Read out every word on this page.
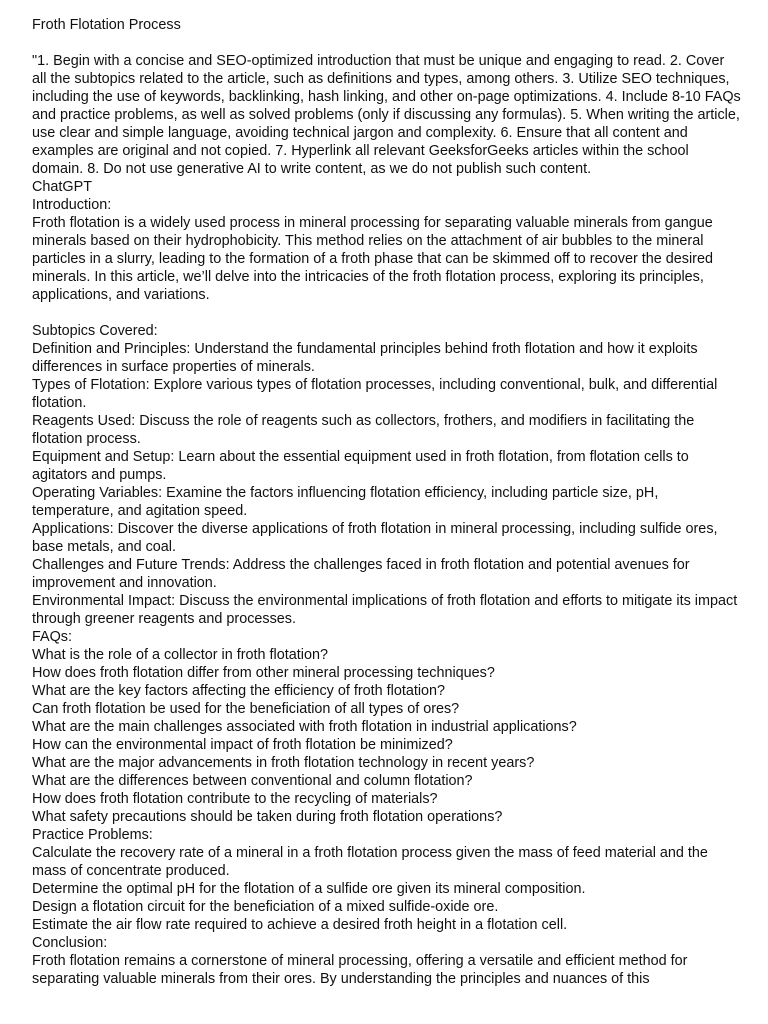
Froth Flotation Process

"1. Begin with a concise and SEO-optimized introduction that must be unique and engaging to read. 2. Cover all the subtopics related to the article, such as definitions and types, among others. 3. Utilize SEO techniques, including the use of keywords, backlinking, hash linking, and other on-page optimizations. 4. Include 8-10 FAQs and practice problems, as well as solved problems (only if discussing any formulas). 5. When writing the article, use clear and simple language, avoiding technical jargon and complexity. 6. Ensure that all content and examples are original and not copied. 7. Hyperlink all relevant GeeksforGeeks articles within the school domain. 8. Do not use generative AI to write content, as we do not publish such content.

ChatGPT

Introduction:

Froth flotation is a widely used process in mineral processing for separating valuable minerals from gangue minerals based on their hydrophobicity. This method relies on the attachment of air bubbles to the mineral particles in a slurry, leading to the formation of a froth phase that can be skimmed off to recover the desired minerals. In this article, we’ll delve into the intricacies of the froth flotation process, exploring its principles, applications, and variations.

Subtopics Covered:

Definition and Principles: Understand the fundamental principles behind froth flotation and how it exploits differences in surface properties of minerals.

Types of Flotation: Explore various types of flotation processes, including conventional, bulk, and differential flotation.

Reagents Used: Discuss the role of reagents such as collectors, frothers, and modifiers in facilitating the flotation process.

Equipment and Setup: Learn about the essential equipment used in froth flotation, from flotation cells to agitators and pumps.

Operating Variables: Examine the factors influencing flotation efficiency, including particle size, pH, temperature, and agitation speed.

Applications: Discover the diverse applications of froth flotation in mineral processing, including sulfide ores, base metals, and coal.

Challenges and Future Trends: Address the challenges faced in froth flotation and potential avenues for improvement and innovation.

Environmental Impact: Discuss the environmental implications of froth flotation and efforts to mitigate its impact through greener reagents and processes.

FAQs:

What is the role of a collector in froth flotation?

How does froth flotation differ from other mineral processing techniques?

What are the key factors affecting the efficiency of froth flotation?

Can froth flotation be used for the beneficiation of all types of ores?

What are the main challenges associated with froth flotation in industrial applications?

How can the environmental impact of froth flotation be minimized?

What are the major advancements in froth flotation technology in recent years?

What are the differences between conventional and column flotation?

How does froth flotation contribute to the recycling of materials?

What safety precautions should be taken during froth flotation operations?

Practice Problems:

Calculate the recovery rate of a mineral in a froth flotation process given the mass of feed material and the mass of concentrate produced.

Determine the optimal pH for the flotation of a sulfide ore given its mineral composition.

Design a flotation circuit for the beneficiation of a mixed sulfide-oxide ore.

Estimate the air flow rate required to achieve a desired froth height in a flotation cell.

Conclusion:

Froth flotation remains a cornerstone of mineral processing, offering a versatile and efficient method for separating valuable minerals from their ores. By understanding the principles and nuances of this
